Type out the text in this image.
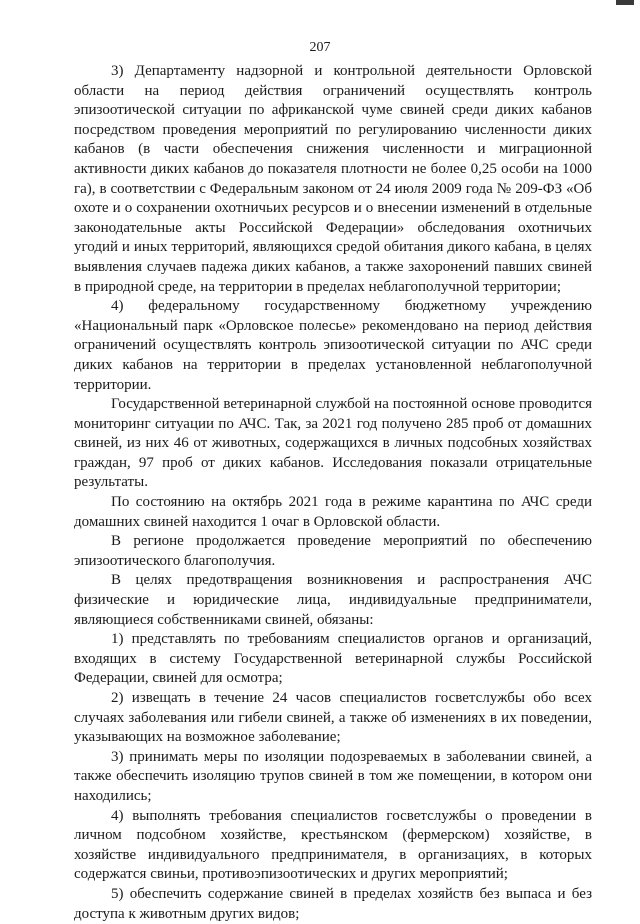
207

3) Департаменту надзорной и контрольной деятельности Орловской области на период действия ограничений осуществлять контроль эпизоотической ситуации по африканской чуме свиней среди диких кабанов посредством проведения мероприятий по регулированию численности диких кабанов (в части обеспечения снижения численности и миграционной активности диких кабанов до показателя плотности не более 0,25 особи на 1000 га), в соответствии с Федеральным законом от 24 июля 2009 года № 209-ФЗ «Об охоте и о сохранении охотничьих ресурсов и о внесении изменений в отдельные законодательные акты Российской Федерации» обследования охотничьих угодий и иных территорий, являющихся средой обитания дикого кабана, в целях выявления случаев падежа диких кабанов, а также захоронений павших свиней в природной среде, на территории в пределах неблагополучной территории;

4) федеральному государственному бюджетному учреждению «Национальный парк «Орловское полесье» рекомендовано на период действия ограничений осуществлять контроль эпизоотической ситуации по АЧС среди диких кабанов на территории в пределах установленной неблагополучной территории.

Государственной ветеринарной службой на постоянной основе проводится мониторинг ситуации по АЧС. Так, за 2021 год получено 285 проб от домашних свиней, из них 46 от животных, содержащихся в личных подсобных хозяйствах граждан, 97 проб от диких кабанов. Исследования показали отрицательные результаты.

По состоянию на октябрь 2021 года в режиме карантина по АЧС среди домашних свиней находится 1 очаг в Орловской области.

В регионе продолжается проведение мероприятий по обеспечению эпизоотического благополучия.

В целях предотвращения возникновения и распространения АЧС физические и юридические лица, индивидуальные предприниматели, являющиеся собственниками свиней, обязаны:

1) представлять по требованиям специалистов органов и организаций, входящих в систему Государственной ветеринарной службы Российской Федерации, свиней для осмотра;

2) извещать в течение 24 часов специалистов госветслужбы обо всех случаях заболевания или гибели свиней, а также об изменениях в их поведении, указывающих на возможное заболевание;

3) принимать меры по изоляции подозреваемых в заболевании свиней, а также обеспечить изоляцию трупов свиней в том же помещении, в котором они находились;

4) выполнять требования специалистов госветслужбы о проведении в личном подсобном хозяйстве, крестьянском (фермерском) хозяйстве, в хозяйстве индивидуального предпринимателя, в организациях, в которых содержатся свиньи, противоэпизоотических и других мероприятий;

5) обеспечить содержание свиней в пределах хозяйств без выпаса и без доступа к животным других видов;
